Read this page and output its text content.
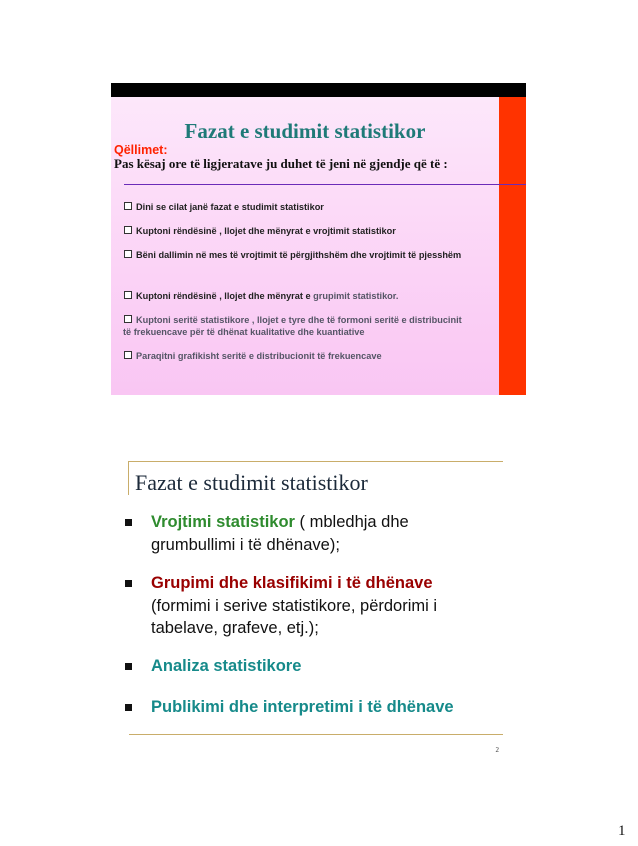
Fazat e studimit statistikor
Qëllimet:
Pas kësaj ore të ligjeratave ju duhet të jeni në gjendje që të :
Dini se cilat janë fazat e studimit statistikor
Kuptoni rëndësinë , llojet dhe mënyrat e vrojtimit statistikor
Bëni dallimin në mes të vrojtimit të përgjithshëm dhe vrojtimit të pjesshëm
Kuptoni rëndësinë , llojet dhe mënyrat e grupimit statistikor.
Kuptoni seritë statistikore , llojet e tyre dhe të formoni seritë e distribucinit të frekuencave për të dhënat kualitative dhe kuantiative
Paraqitni grafikisht seritë e distribucionit të frekuencave
Fazat e studimit statistikor
Vrojtimi statistikor ( mbledhja dhe grumbullimi i të dhënave);
Grupimi dhe klasifikimi i të dhënave
(formimi i serive statistikore, përdorimi i tabelave, grafeve, etj.);
Analiza statistikore
Publikimi dhe interpretimi i të dhënave
2
1
